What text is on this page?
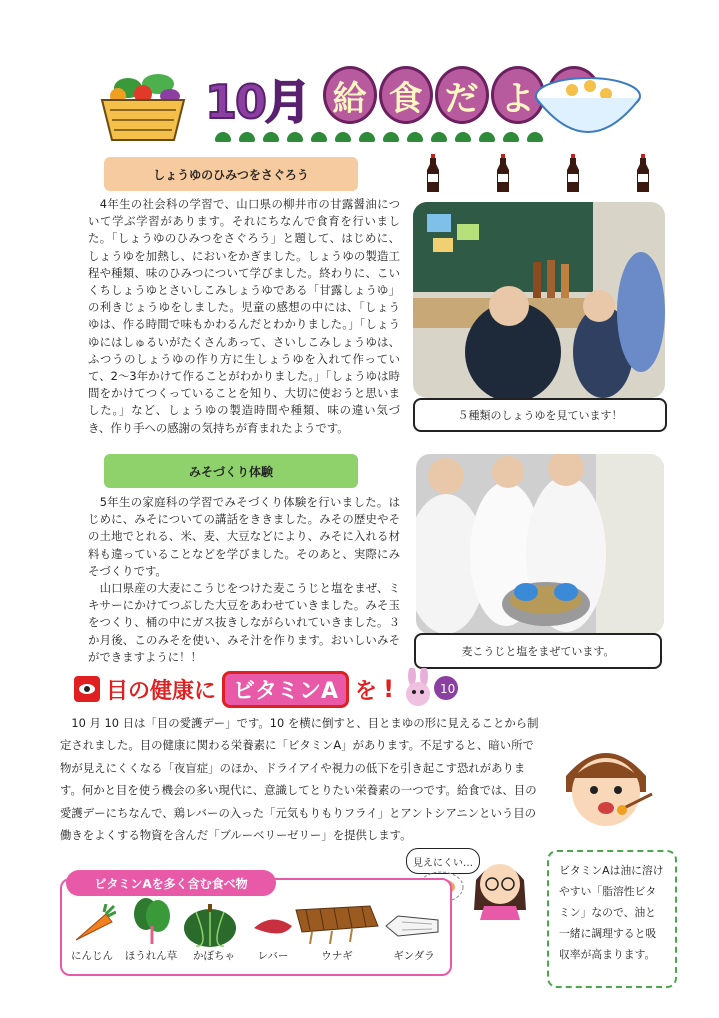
10月 給 食 だ よ
しょうゆのひみつをさぐろう
　4年生の社会科の学習で、山口県の柳井市の甘露醤油について学ぶ学習があります。それにちなんで食育を行いました。「しょうゆのひみつをさぐろう」と題して、はじめに、しょうゆを加熱し、においをかぎました。しょうゆの製造工程や種類、味のひみつについて学びました。終わりに、こいくちしょうゆとさいしこみしょうゆである「甘露しょうゆ」の利きじょうゆをしました。児童の感想の中には、「しょうゆは、作る時間で味もかわるんだとわかりました。」「しょうゆにはしゅるいがたくさんあって、さいしこみしょうゆは、ふつうのしょうゆの作り方に生しょうゆを入れて作っていて、2～3年かけて作ることがわかりました。」「しょうゆは時間をかけてつくっていることを知り、大切に使おうと思いました。」など、しょうゆの製造時間や種類、味の違い気づき、作り手への感謝の気持ちが育まれたようです。
５種類のしょうゆを見ています！
みそづくり体験
　5年生の家庭科の学習でみそづくり体験を行いました。はじめに、みそについての講話をききました。みその歴史やその土地でとれる、米、麦、大豆などにより、みそに入れる材料も違っていることなどを学びました。そのあと、実際にみそづくりです。
　山口県産の大麦にこうじをつけた麦こうじと塩をまぜ、ミキサーにかけてつぶした大豆をあわせていきました。みそ玉をつくり、桶の中にガス抜きしながらいれていきました。３か月後、このみそを使い、みそ汁を作ります。おいしいみそができますように！！	麦こうじと塩をまぜています。
目の健康に ビタミンA を !	10
　10 月 10 日は「目の愛護デー」です。10 を横に倒すと、目とまゆの形に見えることから制定されました。目の健康に関わる栄養素に「ビタミンA」があります。不足すると、暗い所で物が見えにくくなる「夜盲症」のほか、ドライアイや視力の低下を引き起こす恐れがあります。何かと目を使う機会の多い現代に、意識してとりたい栄養素の一つです。給食では、目の愛護デーにちなんで、鶏レバーの入った「元気もりもりフライ」とアントシアニンという目の働きをよくする物資を含んだ「ブルーベリーゼリー」を提供します。
見えにくい…
ビタミンAを多く含む食べ物
にんじん	ほうれん草	かぼちゃ	レバー	ウナギ	ギンダラ
ビタミンAは油に溶けやすい「脂溶性ビタミン」なので、油と一緒に調理すると吸収率が高まります。
